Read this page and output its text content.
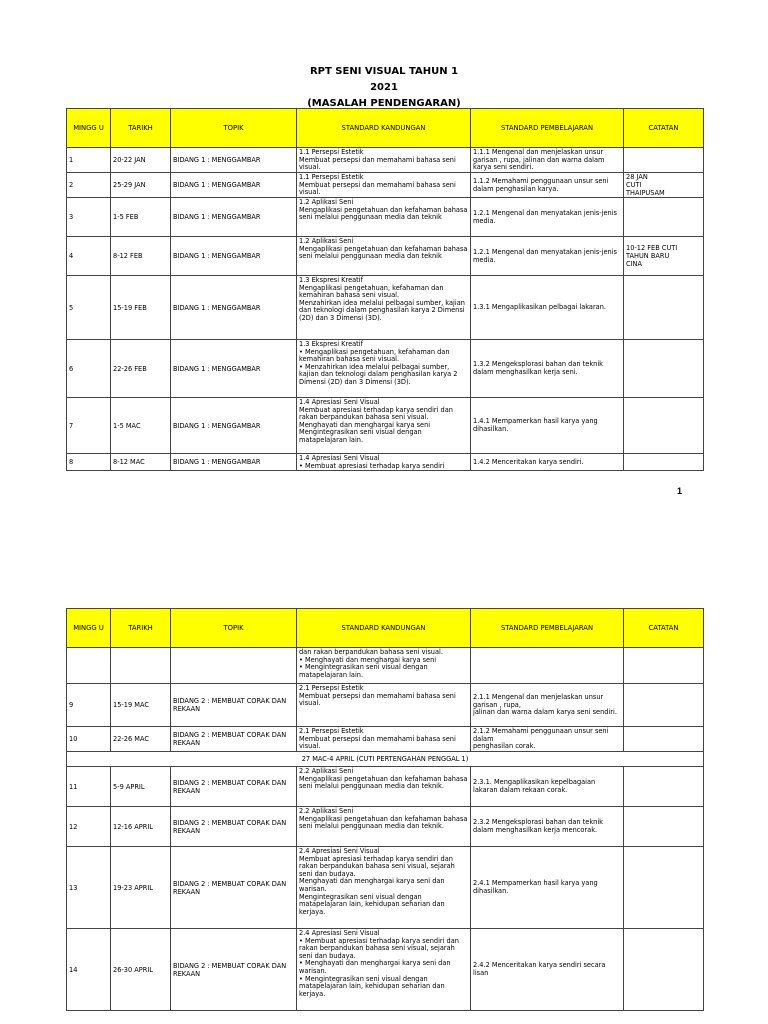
RPT SENI VISUAL TAHUN 1
2021
(MASALAH PENDENGARAN)
MINGG U	TARIKH	TOPIK	STANDARD KANDUNGAN	STANDARD PEMBELAJARAN	CATATAN
1	20-22 JAN	BIDANG 1 : MENGGAMBAR	1.1 Persepsi Estetik
Membuat persepsi dan memahami bahasa seni visual.	1.1.1 Mengenal dan menjelaskan unsur garisan , rupa, jalinan dan warna dalam karya seni sendiri.	
2	25-29 JAN	BIDANG 1 : MENGGAMBAR	1.1 Persepsi Estetik
Membuat persepsi dan memahami bahasa seni visual.	1.1.2 Memahami penggunaan unsur seni dalam penghasilan karya.	28 JAN
CUTI
THAIPUSAM
3	1-5 FEB	BIDANG 1 : MENGGAMBAR	1.2 Aplikasi Seni
Mengaplikasi pengetahuan dan kefahaman bahasa seni melalui penggunaan media dan teknik	1.2.1 Mengenal dan menyatakan jenis-jenis media.	
4	8-12 FEB	BIDANG 1 : MENGGAMBAR	1.2 Aplikasi Seni
Mengaplikasi pengetahuan dan kefahaman bahasa seni melalui penggunaan media dan teknik	1.2.1 Mengenal dan menyatakan jenis-jenis media.	10-12 FEB CUTI
TAHUN BARU
CINA
5	15-19 FEB	BIDANG 1 : MENGGAMBAR	1.3 Ekspresi Kreatif
Mengaplikasi pengetahuan, kefahaman dan kemahiran bahasa seni visual.
Menzahirkan idea melalui pelbagai sumber, kajian dan teknologi dalam penghasilan karya 2 Dimensi (2D) dan 3 Dimensi (3D).	1.3.1 Mengaplikasikan pelbagai lakaran.	
6	22-26 FEB	BIDANG 1 : MENGGAMBAR	1.3 Ekspresi Kreatif
• Mengaplikasi pengetahuan, kefahaman dan kemahiran bahasa seni visual.
• Menzahirkan idea melalui pelbagai sumber, kajian dan teknologi dalam penghasilan karya 2 Dimensi (2D) dan 3 Dimensi (3D).	1.3.2 Mengeksplorasi bahan dan teknik dalam menghasilkan kerja seni.	
7	1-5 MAC	BIDANG 1 : MENGGAMBAR	1.4 Apresiasi Seni Visual
Membuat apresiasi terhadap karya sendiri dan rakan berpandukan bahasa seni visual.
Menghayati dan menghargai karya seni
Mengintegrasikan seni visual dengan matapelajaran lain.	1.4.1 Mempamerkan hasil karya yang dihasilkan.	
8	8-12 MAC	BIDANG 1 : MENGGAMBAR	1.4 Apresiasi Seni Visual
• Membuat apresiasi terhadap karya sendiri	1.4.2 Menceritakan karya sendiri.	
1
MINGG U	TARIKH	TOPIK	STANDARD KANDUNGAN	STANDARD PEMBELAJARAN	CATATAN
			dan rakan berpandukan bahasa seni visual.
• Menghayati dan menghargai karya seni
• Mengintegrasikan seni visual dengan matapelajaran lain.		
9	15-19 MAC	BIDANG 2 : MEMBUAT CORAK DAN REKAAN	2.1 Persepsi Estetik
Membuat persepsi dan memahami bahasa seni visual.	2.1.1 Mengenal dan menjelaskan unsur garisan , rupa,
jalinan dan warna dalam karya seni sendiri.	
10	22-26 MAC	BIDANG 2 : MEMBUAT CORAK DAN REKAAN	2.1 Persepsi Estetik
Membuat persepsi dan memahami bahasa seni visual.	2.1.2 Memahami penggunaan unsur seni dalam
penghasilan corak.	
27 MAC-4 APRIL (CUTI PERTENGAHAN PENGGAL 1)					
11	5-9 APRIL	BIDANG 2 : MEMBUAT CORAK DAN REKAAN	2.2 Aplikasi Seni
Mengaplikasi pengetahuan dan kefahaman bahasa seni melalui penggunaan media dan teknik.	2.3.1. Mengaplikasikan kepelbagaian lakaran dalam rekaan corak.	
12	12-16 APRIL	BIDANG 2 : MEMBUAT CORAK DAN REKAAN	2.2 Aplikasi Seni
Mengaplikasi pengetahuan dan kefahaman bahasa seni melalui penggunaan media dan teknik.	2.3.2 Mengeksplorasi bahan dan teknik dalam menghasilkan kerja mencorak.	
13	19-23 APRIL	BIDANG 2 : MEMBUAT CORAK DAN REKAAN	2.4 Apresiasi Seni Visual
Membuat apresiasi terhadap karya sendiri dan rakan berpandukan bahasa seni visual, sejarah seni dan budaya.
Menghayati dan menghargai karya seni dan warisan.
Mengintegrasikan seni visual dengan matapelajaran lain, kehidupan seharian dan kerjaya.	2.4.1 Mempamerkan hasil karya yang dihasilkan.	
14	26-30 APRIL	BIDANG 2 : MEMBUAT CORAK DAN REKAAN	2.4 Apresiasi Seni Visual
• Membuat apresiasi terhadap karya sendiri dan rakan berpandukan bahasa seni visual, sejarah seni dan budaya.
• Menghayati dan menghargai karya seni dan warisan.
• Mengintegrasikan seni visual dengan matapelajaran lain, kehidupan seharian dan kerjaya.	2.4.2 Menceritakan karya sendiri secara lisan	
